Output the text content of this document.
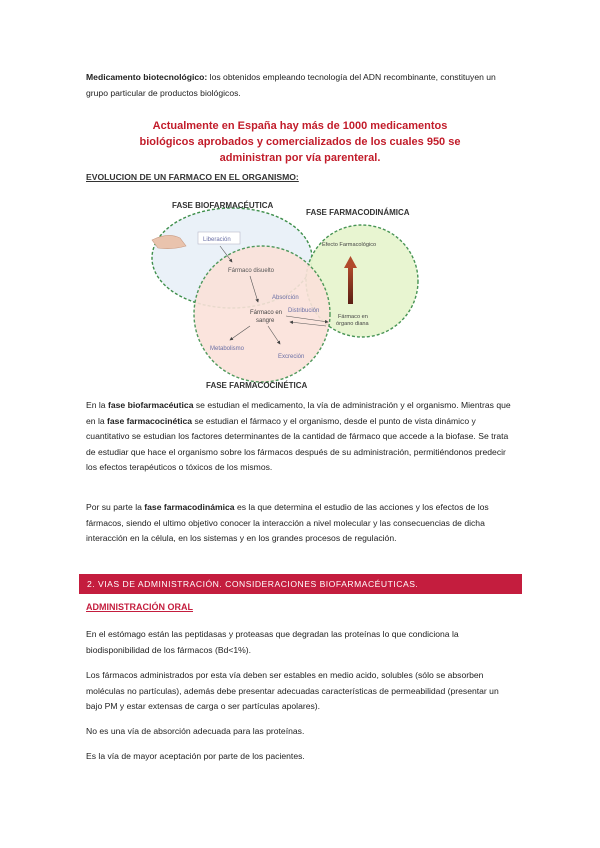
Medicamento biotecnológico: los obtenidos empleando tecnología del ADN recombinante, constituyen un grupo particular de productos biológicos.

Actualmente en España hay más de 1000 medicamentos biológicos aprobados y comercializados de los cuales 950 se administran por vía parenteral.
EVOLUCION DE UN FARMACO EN EL ORGANISMO:
Liberación
Fármaco disuelto
Absorción
Fármaco en
sangre
Distribución
Metabolismo
Excreción
Efecto Farmacológico
Fármaco en
órgano diana
FASE BIOFARMACÉUTICA
FASE FARMACODINÁMICA
FASE FARMACOCINÉTICA

En la fase biofarmacéutica se estudian el medicamento, la vía de administración y el organismo. Mientras que en la fase farmacocinética se estudian el fármaco y el organismo, desde el punto de vista dinámico y cuantitativo se estudian los factores determinantes de la cantidad de fármaco que accede a la biofase. Se trata de estudiar que hace el organismo sobre los fármacos después de su administración, permitiéndonos predecir los efectos terapéuticos o tóxicos de los mismos.

Por su parte la fase farmacodinámica es la que determina el estudio de las acciones y los efectos de los fármacos, siendo el ultimo objetivo conocer la interacción a nivel molecular y las consecuencias de dicha interacción en la célula, en los sistemas y en los grandes procesos de regulación.

2. VIAS DE ADMINISTRACIÓN. CONSIDERACIONES BIOFARMACÉUTICAS.
ADMINISTRACIÓN ORAL

En el estómago están las peptidasas y proteasas que degradan las proteínas lo que condiciona la biodisponibilidad de los fármacos (Bd<1%).

Los fármacos administrados por esta vía deben ser estables en medio acido, solubles (sólo se absorben moléculas no partículas), además debe presentar adecuadas características de permeabilidad (presentar un bajo PM y estar extensas de carga o ser partículas apolares).

No es una vía de absorción adecuada para las proteínas.

Es la vía de mayor aceptación por parte de los pacientes.
